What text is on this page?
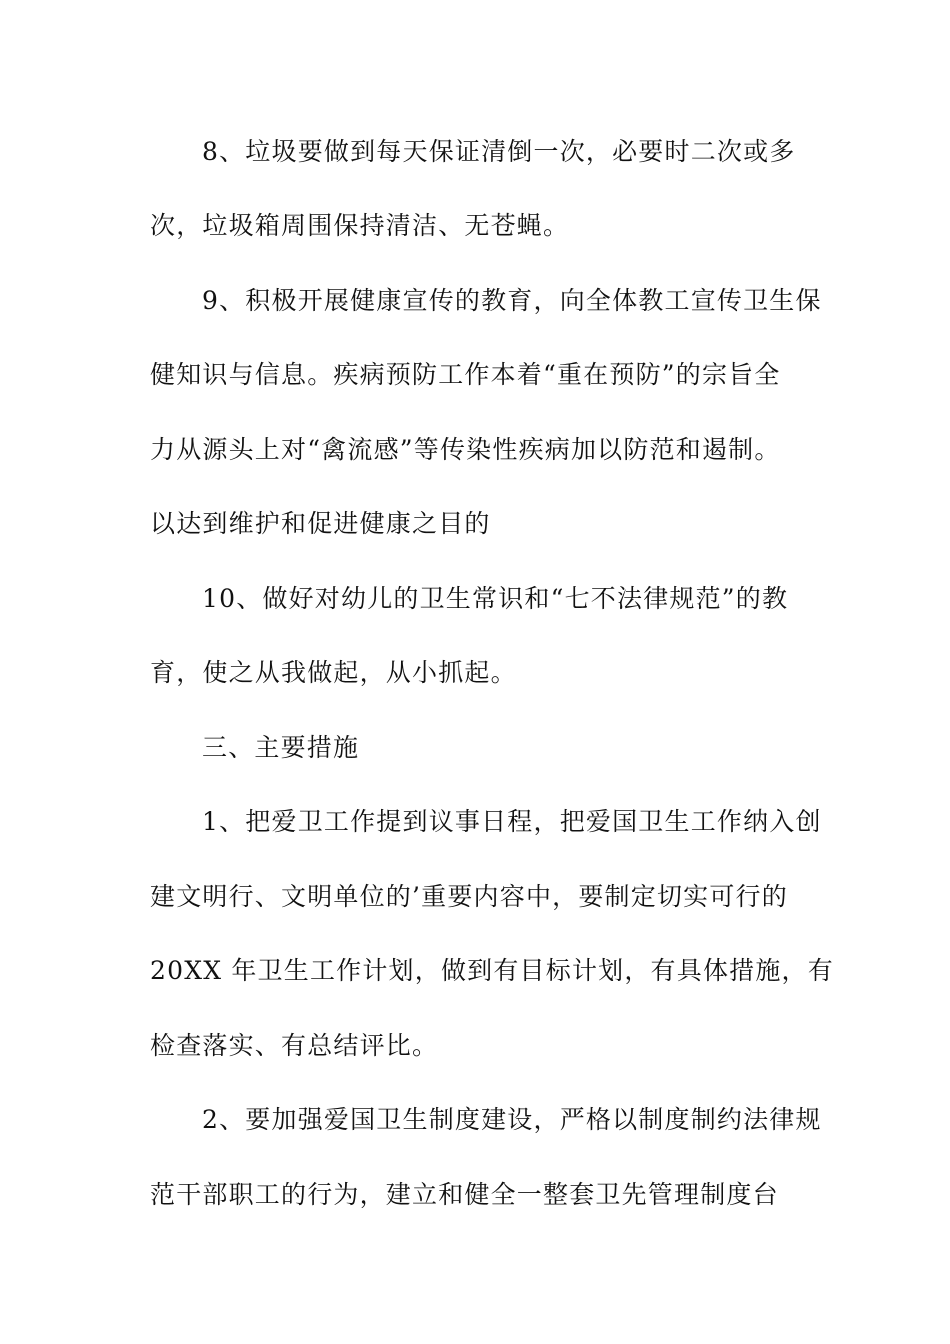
8、垃圾要做到每天保证清倒一次，必要时二次或多
次，垃圾箱周围保持清洁、无苍蝇。
9、积极开展健康宣传的教育，向全体教工宣传卫生保
健知识与信息。疾病预防工作本着“重在预防”的宗旨全
力从源头上对“禽流感”等传染性疾病加以防范和遏制。
以达到维护和促进健康之目的
10、做好对幼儿的卫生常识和“七不法律规范”的教
育，使之从我做起，从小抓起。
三、主要措施
1、把爱卫工作提到议事日程，把爱国卫生工作纳入创
建文明行、文明单位的’重要内容中，要制定切实可行的
20XX 年卫生工作计划，做到有目标计划，有具体措施，有
检查落实、有总结评比。
2、要加强爱国卫生制度建设，严格以制度制约法律规
范干部职工的行为，建立和健全一整套卫先管理制度台
